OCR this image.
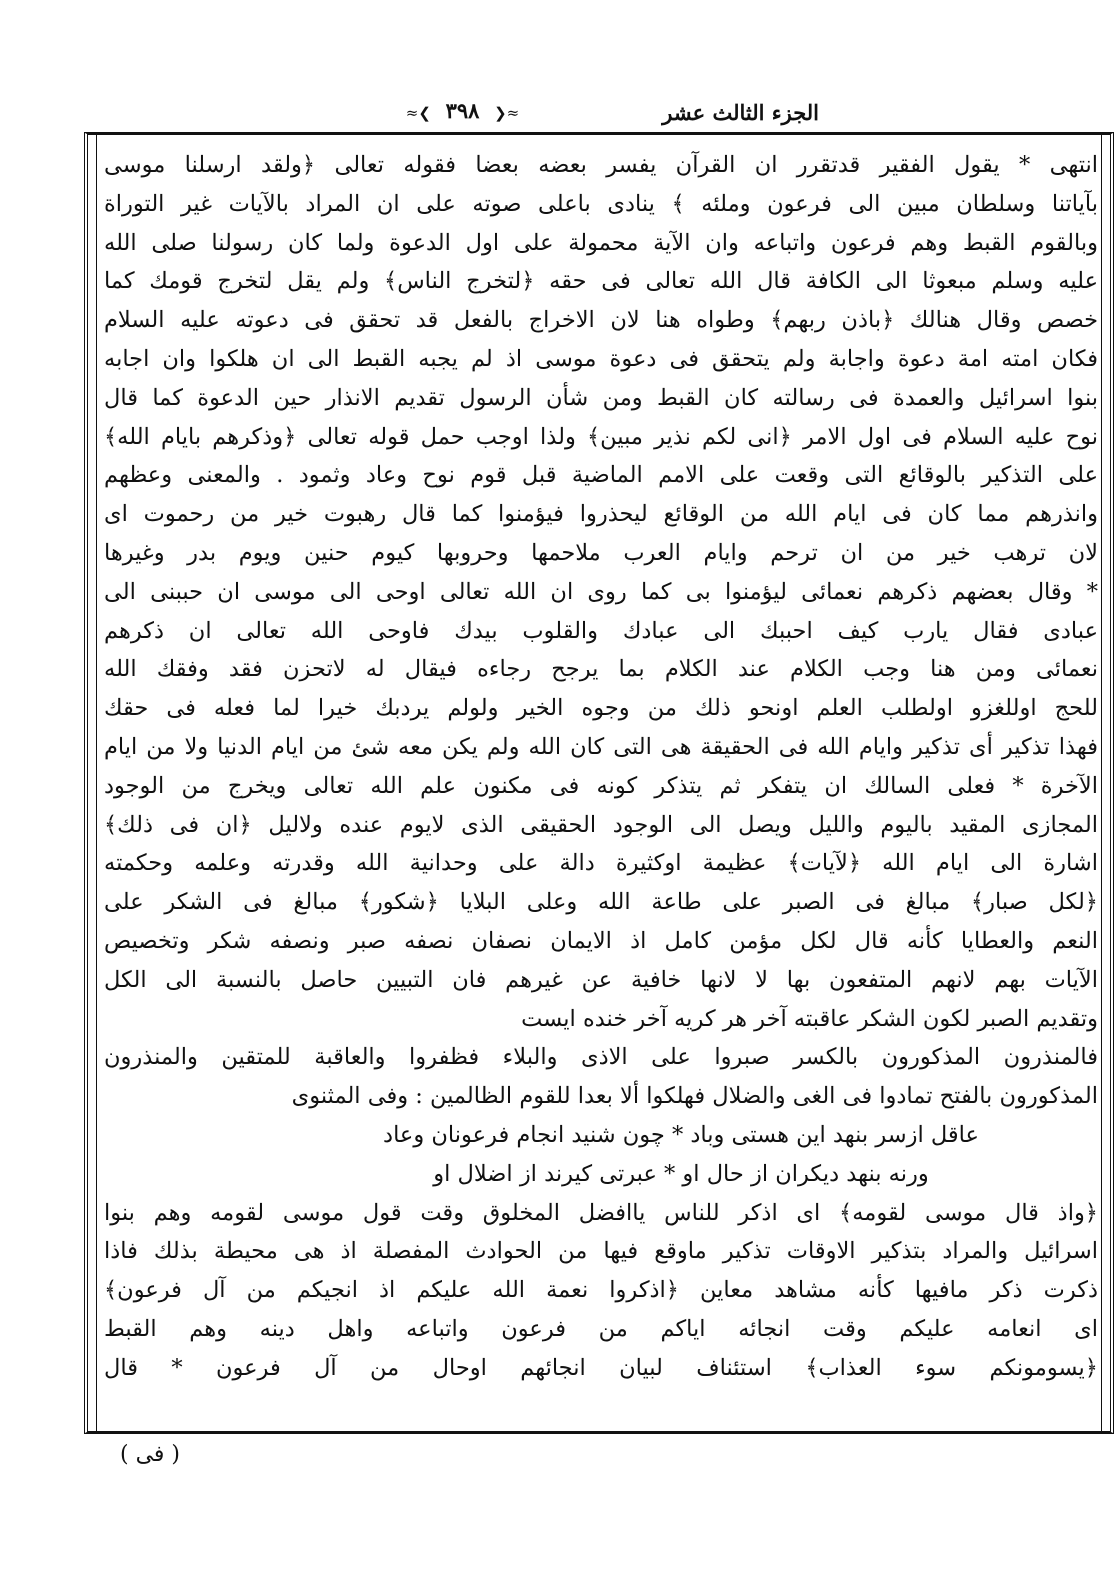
الجزء الثالث عشر
≈❮ ٣٩٨ ❯≈

انتهى * يقول الفقير قدتقرر ان القرآن يفسر بعضه بعضا فقوله تعالى ﴿ولقد ارسلنا موسى

بآياتنا وسلطان مبين الى فرعون وملئه ﴾ ينادى باعلى صوته على ان المراد بالآيات غير التوراة

وبالقوم القبط وهم فرعون واتباعه وان الآية محمولة على اول الدعوة ولما كان رسولنا صلى الله

عليه وسلم مبعوثا الى الكافة قال الله تعالى فى حقه ﴿لتخرج الناس﴾ ولم يقل لتخرج قومك كما

خصص وقال هنالك ﴿باذن ربهم﴾ وطواه هنا لان الاخراج بالفعل قد تحقق فى دعوته عليه السلام

فكان امته امة دعوة واجابة ولم يتحقق فى دعوة موسى اذ لم يجبه القبط الى ان هلكوا وان اجابه

بنوا اسرائيل والعمدة فى رسالته كان القبط ومن شأن الرسول تقديم الانذار حين الدعوة كما قال

نوح عليه السلام فى اول الامر ﴿انى لكم نذير مبين﴾ ولذا اوجب حمل قوله تعالى ﴿وذكرهم بايام الله﴾

على التذكير بالوقائع التى وقعت على الامم الماضية قبل قوم نوح وعاد وثمود . والمعنى وعظهم

وانذرهم مما كان فى ايام الله من الوقائع ليحذروا فيؤمنوا كما قال رهبوت خير من رحموت اى

لان ترهب خير من ان ترحم وايام العرب ملاحمها وحروبها كيوم حنين ويوم بدر وغيرها

* وقال بعضهم ذكرهم نعمائى ليؤمنوا بى كما روى ان الله تعالى اوحى الى موسى ان حببنى الى

عبادى فقال يارب كيف احببك الى عبادك والقلوب بيدك فاوحى الله تعالى ان ذكرهم

نعمائى ومن هنا وجب الكلام عند الكلام بما يرجح رجاءه فيقال له لاتحزن فقد وفقك الله

للحج اوللغزو اولطلب العلم اونحو ذلك من وجوه الخير ولولم يردبك خيرا لما فعله فى حقك

فهذا تذكير أى تذكير وايام الله فى الحقيقة هى التى كان الله ولم يكن معه شئ من ايام الدنيا ولا من ايام

الآخرة * فعلى السالك ان يتفكر ثم يتذكر كونه فى مكنون علم الله تعالى ويخرج من الوجود

المجازى المقيد باليوم والليل ويصل الى الوجود الحقيقى الذى لايوم عنده ولاليل ﴿ان فى ذلك﴾

اشارة الى ايام الله ﴿لآيات﴾ عظيمة اوكثيرة دالة على وحدانية الله وقدرته وعلمه وحكمته

﴿لكل صبار﴾ مبالغ فى الصبر على طاعة الله وعلى البلايا ﴿شكور﴾ مبالغ فى الشكر على

النعم والعطايا كأنه قال لكل مؤمن كامل اذ الايمان نصفان نصفه صبر ونصفه شكر وتخصيص

الآيات بهم لانهم المتفعون بها لا لانها خافية عن غيرهم فان التبيين حاصل بالنسبة الى الكل

وتقديم الصبر لكون الشكر عاقبته آخر هر كريه آخر خنده ايست

فالمنذرون المذكورون بالكسر صبروا على الاذى والبلاء فظفروا والعاقبة للمتقين والمنذرون

المذكورون بالفتح تمادوا فى الغى والضلال فهلكوا ألا بعدا للقوم الظالمين : وفى المثنوى

عاقل ازسر بنهد اين هستى وباد * چون شنيد انجام فرعونان وعاد

ورنه بنهد ديكران از حال او * عبرتى كيرند از اضلال او

﴿واذ قال موسى لقومه﴾ اى اذكر للناس ياافضل المخلوق وقت قول موسى لقومه وهم بنوا

اسرائيل والمراد بتذكير الاوقات تذكير ماوقع فيها من الحوادث المفصلة اذ هى محيطة بذلك فاذا

ذكرت ذكر مافيها كأنه مشاهد معاين ﴿اذكروا نعمة الله عليكم اذ انجيكم من آل فرعون﴾

اى انعامه عليكم وقت انجائه اياكم من فرعون واتباعه واهل دينه وهم القبط

﴿يسومونكم سوء العذاب﴾ استئناف لبيان انجائهم اوحال من آل فرعون * قال

( فى )
